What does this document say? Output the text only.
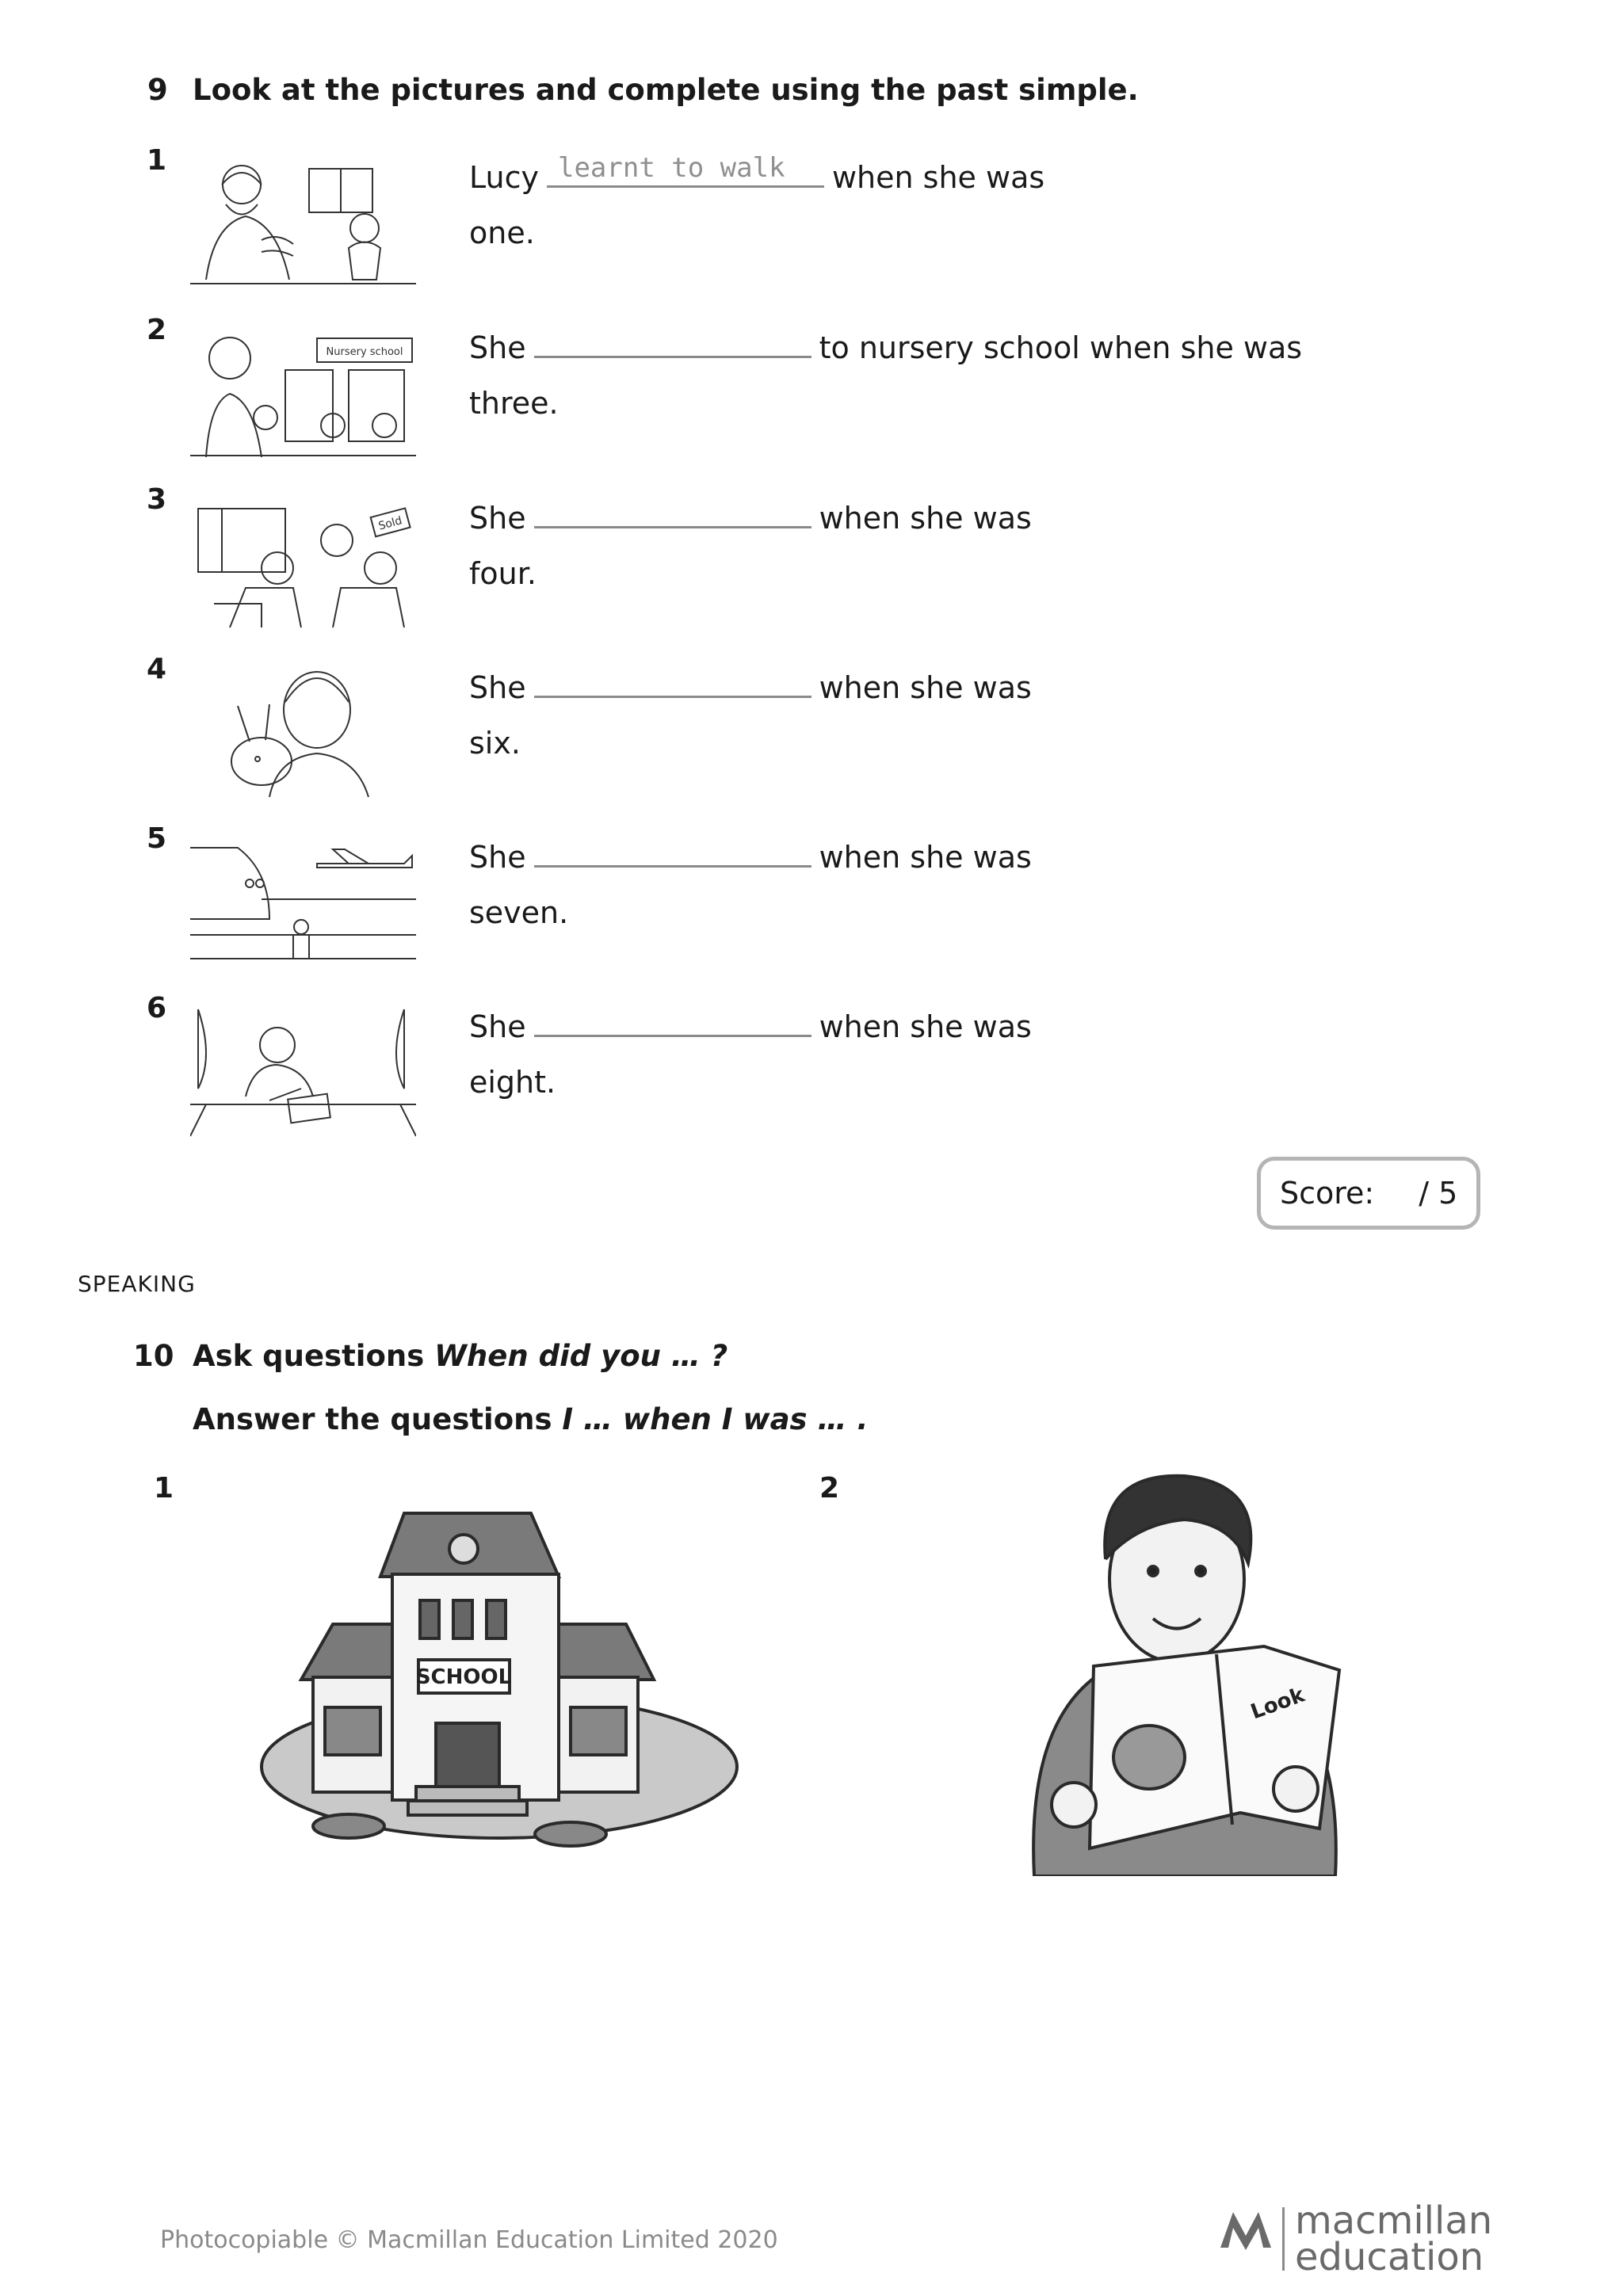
9 Look at the pictures and complete using the past simple.
1	Lucy learnt to walk when she was
one.
2
Nursery school She	to nursery school when she was
three.
3
Sold She	when she was
four.
4
She	when she was
six.
5
She	when she was
seven.
6
She	when she was
eight.
Score: / 5
SPEAKING
10 Ask questions When did you … ?
Answer the questions I … when I was … .
1
SCHOOL
2
Look
Photocopiable © Macmillan Education Limited 2020	macmillan
education
